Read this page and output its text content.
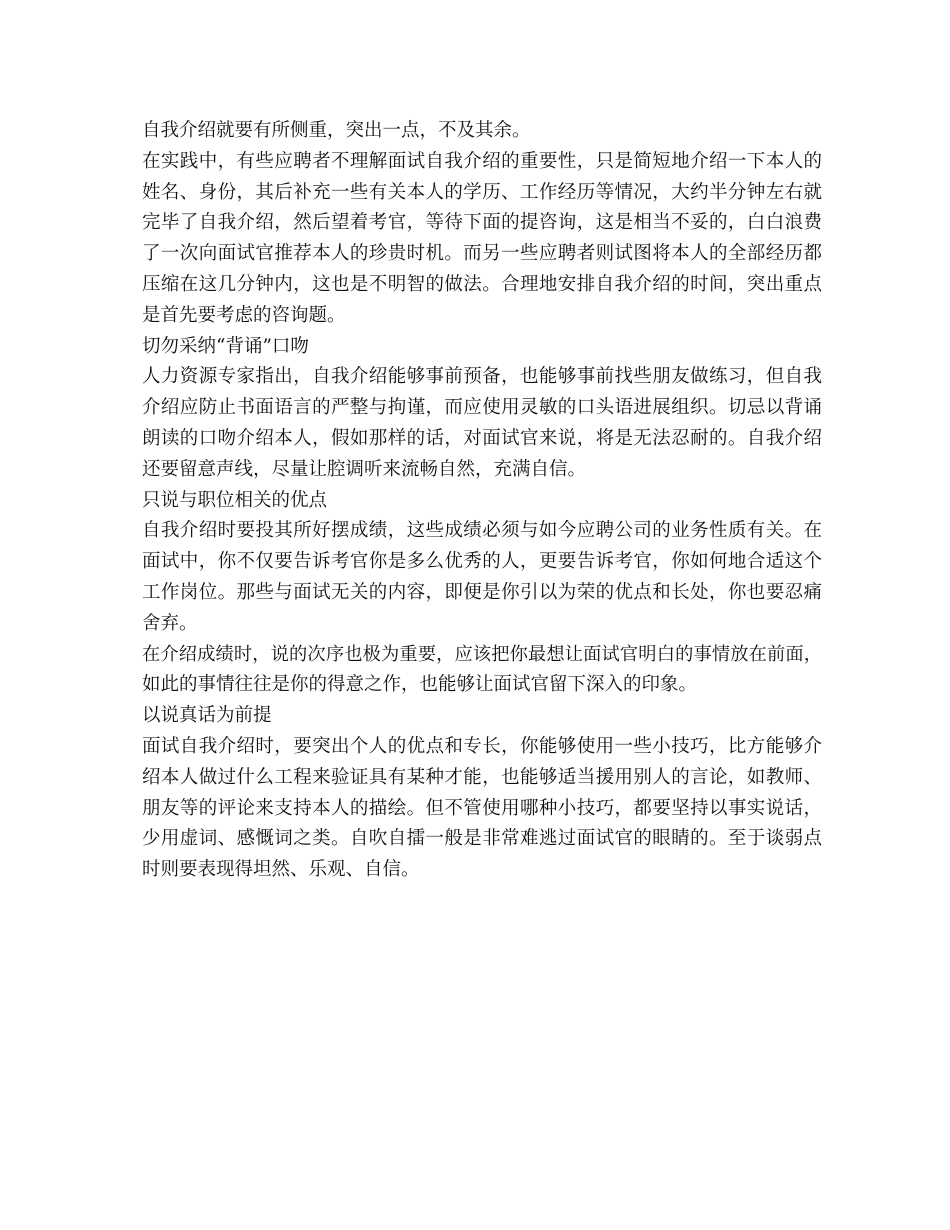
自我介绍就要有所侧重，突出一点，不及其余。
在实践中，有些应聘者不理解面试自我介绍的重要性，只是简短地介绍一下本人的
姓名、身份，其后补充一些有关本人的学历、工作经历等情况，大约半分钟左右就
完毕了自我介绍，然后望着考官，等待下面的提咨询，这是相当不妥的，白白浪费
了一次向面试官推荐本人的珍贵时机。而另一些应聘者则试图将本人的全部经历都
压缩在这几分钟内，这也是不明智的做法。合理地安排自我介绍的时间，突出重点
是首先要考虑的咨询题。
切勿采纳“背诵”口吻
人力资源专家指出，自我介绍能够事前预备，也能够事前找些朋友做练习，但自我
介绍应防止书面语言的严整与拘谨，而应使用灵敏的口头语进展组织。切忌以背诵
朗读的口吻介绍本人，假如那样的话，对面试官来说，将是无法忍耐的。自我介绍
还要留意声线，尽量让腔调听来流畅自然，充满自信。
只说与职位相关的优点
自我介绍时要投其所好摆成绩，这些成绩必须与如今应聘公司的业务性质有关。在
面试中，你不仅要告诉考官你是多么优秀的人，更要告诉考官，你如何地合适这个
工作岗位。那些与面试无关的内容，即便是你引以为荣的优点和长处，你也要忍痛
舍弃。
在介绍成绩时，说的次序也极为重要，应该把你最想让面试官明白的事情放在前面，
如此的事情往往是你的得意之作，也能够让面试官留下深入的印象。
以说真话为前提
面试自我介绍时，要突出个人的优点和专长，你能够使用一些小技巧，比方能够介
绍本人做过什么工程来验证具有某种才能，也能够适当援用别人的言论，如教师、
朋友等的评论来支持本人的描绘。但不管使用哪种小技巧，都要坚持以事实说话，
少用虚词、感慨词之类。自吹自擂一般是非常难逃过面试官的眼睛的。至于谈弱点
时则要表现得坦然、乐观、自信。
